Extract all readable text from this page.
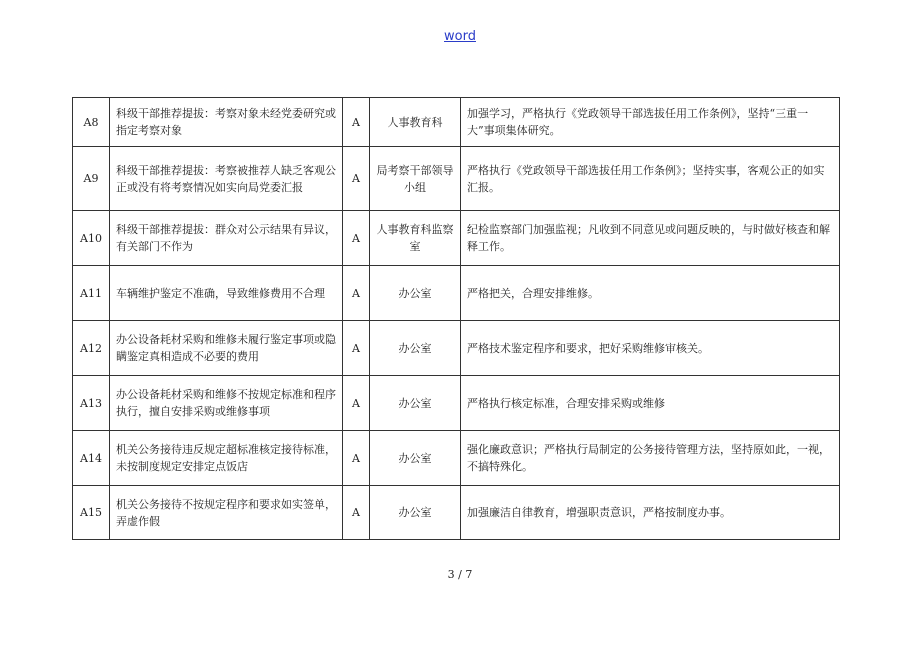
word
A8	科级干部推荐提拔：考察对象未经党委研究或指定考察对象	A	人事教育科	加强学习，严格执行《党政领导干部选拔任用工作条例》，坚持“三重一大”事项集体研究。
A9	科级干部推荐提拔：考察被推荐人缺乏客观公正或没有将考察情况如实向局党委汇报	A	局考察干部领导小组	严格执行《党政领导干部选拔任用工作条例》；坚持实事，客观公正的如实汇报。
A10	科级干部推荐提拔：群众对公示结果有异议，有关部门不作为	A	人事教育科监察室	纪检监察部门加强监视；凡收到不同意见或问题反映的，与时做好核查和解释工作。
A11	车辆维护鉴定不准确，导致维修费用不合理	A	办公室	严格把关，合理安排维修。
A12	办公设备耗材采购和维修未履行鉴定事项或隐瞒鉴定真相造成不必要的费用	A	办公室	严格技术鉴定程序和要求，把好采购维修审核关。
A13	办公设备耗材采购和维修不按规定标准和程序执行，擅自安排采购或维修事项	A	办公室	严格执行核定标准，合理安排采购或维修
A14	机关公务接待违反规定超标准核定接待标准，未按制度规定安排定点饭店	A	办公室	强化廉政意识；严格执行局制定的公务接待管理方法，坚持原如此，一视，不搞特殊化。
A15	机关公务接待不按规定程序和要求如实签单，弄虚作假	A	办公室	加强廉洁自律教育，增强职责意识，严格按制度办事。
3 / 7
